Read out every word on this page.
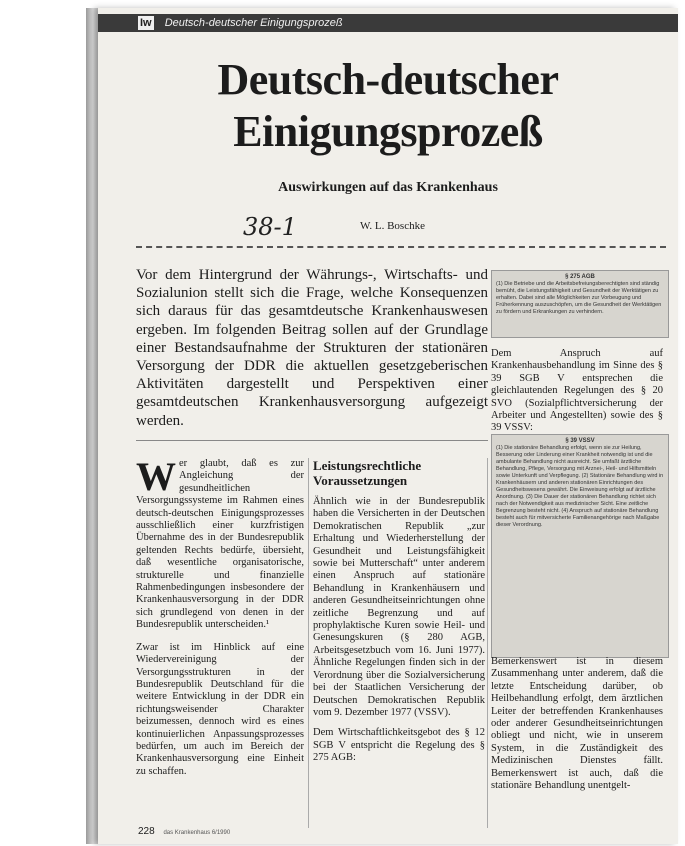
Iw Deutsch-deutscher Einigungsprozeß
Deutsch-deutscher
Einigungsprozeß
Auswirkungen auf das Krankenhaus
38-1	W. L. Boschke
Vor dem Hintergrund der Währungs-, Wirtschafts- und Sozialunion stellt sich die Frage, welche Konsequenzen sich daraus für das gesamtdeutsche Krankenhauswesen ergeben. Im folgenden Beitrag sollen auf der Grundlage einer Bestandsaufnahme der Strukturen der stationären Versorgung der DDR die aktuellen gesetzgeberischen Aktivitäten dargestellt und Perspektiven einer gesamtdeutschen Krankenhausversorgung aufgezeigt werden.
§ 275 AGB
(1) Die Betriebe und die Arbeitsbefreiungsberechtigten sind ständig bemüht, die Leistungsfähigkeit und Gesundheit der Werktätigen zu erhalten. Dabei sind alle Möglichkeiten zur Vorbeugung und Früherkennung auszuschöpfen, um die Gesundheit der Werktätigen zu fördern und Erkrankungen zu verhindern.
Dem Anspruch auf Krankenhausbehandlung im Sinne des § 39 SGB V entsprechen die gleichlautenden Regelungen des § 20 SVO (Sozialpflichtversicherung der Arbeiter und Angestellten) sowie des § 39 VSSV:
§ 39 VSSV
(1) Die stationäre Behandlung erfolgt, wenn sie zur Heilung, Besserung oder Linderung einer Krankheit notwendig ist und die ambulante Behandlung nicht ausreicht. Sie umfaßt ärztliche Behandlung, Pflege, Versorgung mit Arznei-, Heil- und Hilfsmitteln sowie Unterkunft und Verpflegung. (2) Stationäre Behandlung wird in Krankenhäusern und anderen stationären Einrichtungen des Gesundheitswesens gewährt. Die Einweisung erfolgt auf ärztliche Anordnung. (3) Die Dauer der stationären Behandlung richtet sich nach der Notwendigkeit aus medizinischer Sicht. Eine zeitliche Begrenzung besteht nicht. (4) Anspruch auf stationäre Behandlung besteht auch für mitversicherte Familienangehörige nach Maßgabe dieser Verordnung.
Bemerkenswert ist in diesem Zusammenhang unter anderem, daß die letzte Entscheidung darüber, ob Heilbehandlung erfolgt, dem ärztlichen Leiter der betreffenden Krankenhauses oder anderer Gesundheitseinrichtungen obliegt und nicht, wie in unserem System, in die Zuständigkeit des Medizinischen Dienstes fällt. Bemerkenswert ist auch, daß die stationäre Behandlung unentgelt-

Wer glaubt, daß es zur Angleichung der gesundheitlichen Versorgungssysteme im Rahmen eines deutsch-deutschen Einigungsprozesses ausschließlich einer kurzfristigen Übernahme des in der Bundesrepublik geltenden Rechts bedürfe, übersieht, daß wesentliche organisatorische, strukturelle und finanzielle Rahmenbedingungen insbesondere der Krankenhausversorgung in der DDR sich grundlegend von denen in der Bundesrepublik unterscheiden.¹

Zwar ist im Hinblick auf eine Wiedervereinigung der Versorgungsstrukturen in der Bundesrepublik Deutschland für die weitere Entwicklung in der DDR ein richtungsweisender Charakter beizumessen, dennoch wird es eines kontinuierlichen Anpassungsprozesses bedürfen, um auch im Bereich der Krankenhausversorgung eine Einheit zu schaffen.

Leistungsrechtliche Voraussetzungen

Ähnlich wie in der Bundesrepublik haben die Versicherten in der Deutschen Demokratischen Republik „zur Erhaltung und Wiederherstellung der Gesundheit und Leistungsfähigkeit sowie bei Mutterschaft“ unter anderem einen Anspruch auf stationäre Behandlung in Krankenhäusern und anderen Gesundheitseinrichtungen ohne zeitliche Begrenzung und auf prophylaktische Kuren sowie Heil- und Genesungskuren (§ 280 AGB, Arbeitsgesetzbuch vom 16. Juni 1977). Ähnliche Regelungen finden sich in der Verordnung über die Sozialversicherung bei der Staatlichen Versicherung der Deutschen Demokratischen Republik vom 9. Dezember 1977 (VSSV).

Dem Wirtschaftlichkeitsgebot des § 12 SGB V entspricht die Regelung des § 275 AGB:

228 das Krankenhaus 6/1990
